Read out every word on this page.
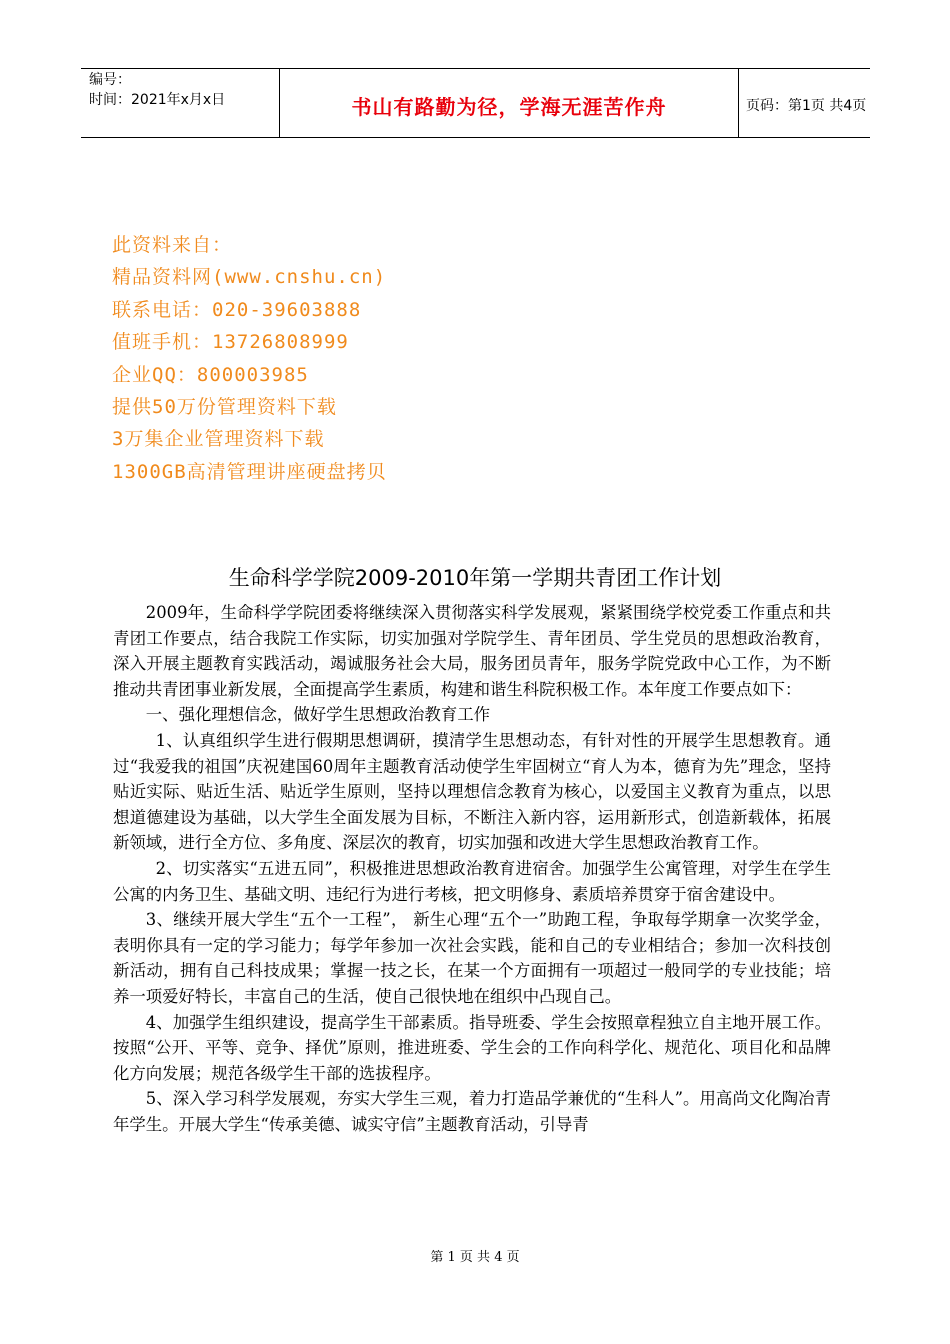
编号：
时间：2021年x月x日	书山有路勤为径，学海无涯苦作舟	页码：第1页 共4页
此资料来自：
精品资料网(www.cnshu.cn)
联系电话：020-39603888
值班手机：13726808999
企业QQ：800003985
提供50万份管理资料下载
3万集企业管理资料下载
1300GB高清管理讲座硬盘拷贝
生命科学学院2009-2010年第一学期共青团工作计划

2009年，生命科学学院团委将继续深入贯彻落实科学发展观，紧紧围绕学校党委工作重点和共青团工作要点，结合我院工作实际，切实加强对学院学生、青年团员、学生党员的思想政治教育，深入开展主题教育实践活动，竭诚服务社会大局，服务团员青年，服务学院党政中心工作，为不断推动共青团事业新发展，全面提高学生素质，构建和谐生科院积极工作。本年度工作要点如下：

一、强化理想信念，做好学生思想政治教育工作

1、认真组织学生进行假期思想调研，摸清学生思想动态，有针对性的开展学生思想教育。通过“我爱我的祖国”庆祝建国60周年主题教育活动使学生牢固树立“育人为本，德育为先”理念，坚持贴近实际、贴近生活、贴近学生原则，坚持以理想信念教育为核心，以爱国主义教育为重点，以思想道德建设为基础，以大学生全面发展为目标，不断注入新内容，运用新形式，创造新载体，拓展新领域，进行全方位、多角度、深层次的教育，切实加强和改进大学生思想政治教育工作。

2、切实落实“五进五同”，积极推进思想政治教育进宿舍。加强学生公寓管理，对学生在学生公寓的内务卫生、基础文明、违纪行为进行考核，把文明修身、素质培养贯穿于宿舍建设中。

3、继续开展大学生“五个一工程”， 新生心理“五个一”助跑工程，争取每学期拿一次奖学金，表明你具有一定的学习能力；每学年参加一次社会实践，能和自己的专业相结合；参加一次科技创新活动，拥有自己科技成果；掌握一技之长，在某一个方面拥有一项超过一般同学的专业技能；培养一项爱好特长，丰富自己的生活，使自己很快地在组织中凸现自己。

4、加强学生组织建设，提高学生干部素质。指导班委、学生会按照章程独立自主地开展工作。按照“公开、平等、竞争、择优”原则，推进班委、学生会的工作向科学化、规范化、项目化和品牌化方向发展；规范各级学生干部的选拔程序。

5、深入学习科学发展观，夯实大学生三观，着力打造品学兼优的“生科人”。用高尚文化陶冶青年学生。开展大学生“传承美德、诚实守信”主题教育活动，引导青

第 1 页 共 4 页
